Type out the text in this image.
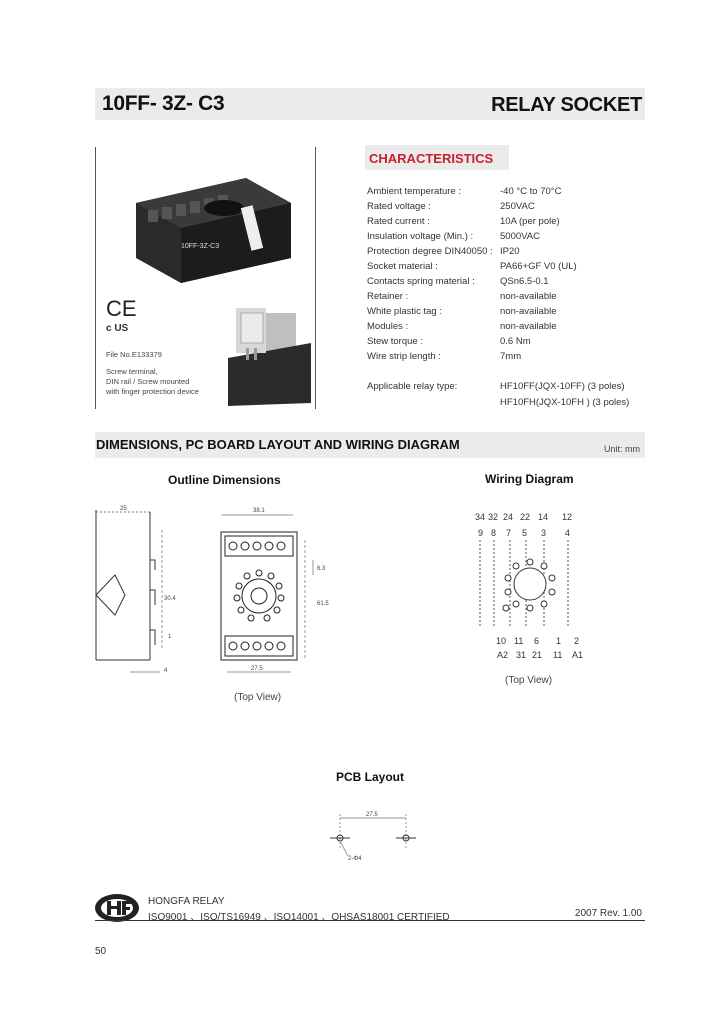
10FF- 3Z- C3	RELAY SOCKET
10FF-3Z-C3
CE
c US
File No.E133379
Screw terminal,
DIN rail / Screw mounted
with finger protection device
CHARACTERISTICS
Ambient temperature :	-40 °C to 70°C
Rated voltage :	250VAC
Rated current :	10A (per pole)
Insulation voltage (Min.) :	5000VAC
Protection degree DIN40050 : IP20
Socket material :	PA66+GF V0 (UL)
Contacts spring material :	QSn6.5-0.1
Retainer :	non-available
White plastic tag :	non-available
Modules :	non-available
Stew torque :	0.6 Nm
Wire strip length :	7mm
Applicable relay type:	HF10FF(JQX-10FF) (3 poles)
HF10FH(JQX-10FH ) (3 poles)
DIMENSIONS, PC BOARD LAYOUT AND WIRING DIAGRAM	Unit: mm
Outline Dimensions	Wiring Diagram
25
30.4
1
4
38.1
6.3
61.5
27.5
(Top View)
34 32 24 22 14 12
9 8 7 5 3 4
10 11 6 1 2
A2 31 21 11 A1
(Top View)
PCB Layout
27.5
2-Φ4
HONGFA RELAY
ISO9001 、ISO/TS16949 、ISO14001 、OHSAS18001 CERTIFIED	2007 Rev. 1.00
50
